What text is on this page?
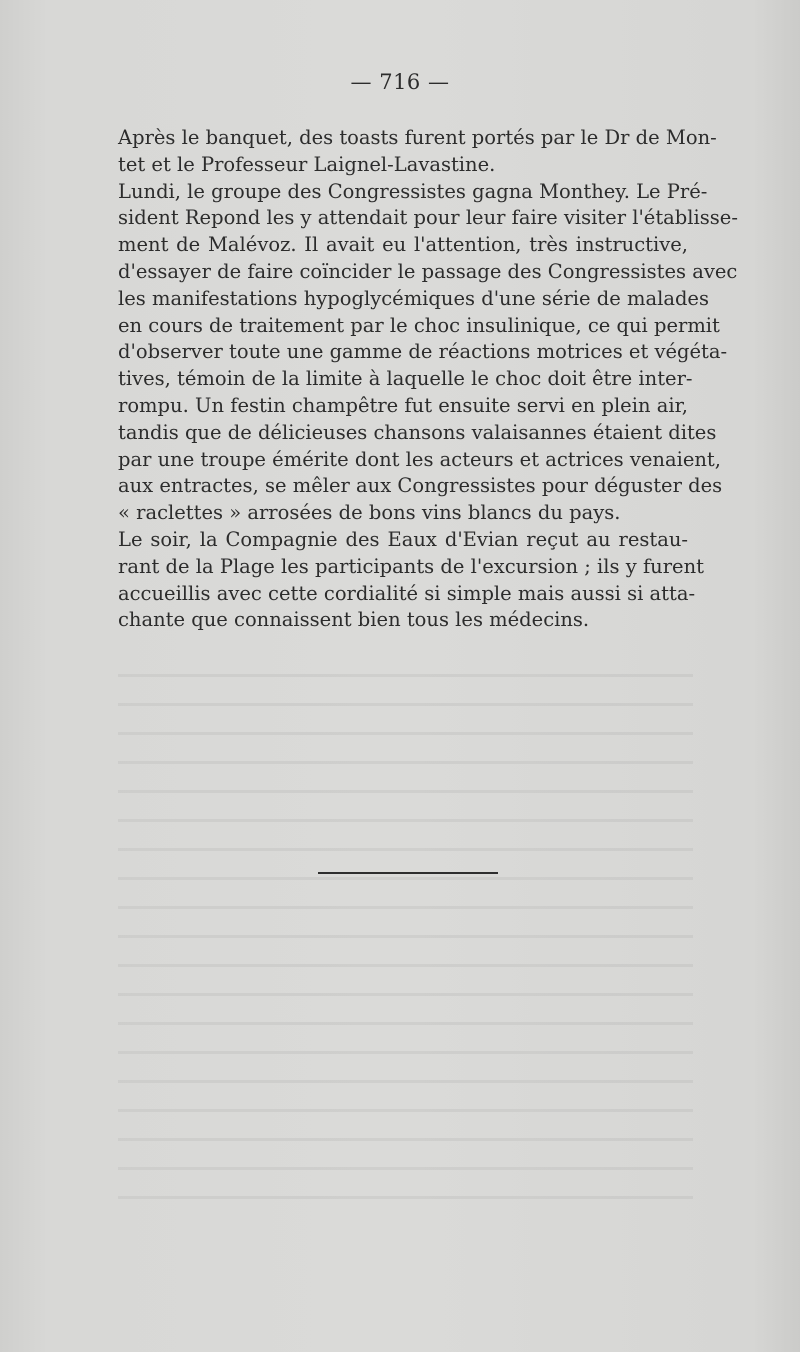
— 716 —
Après le banquet, des toasts furent portés par le Dr de Mon-
tet et le Professeur Laignel-Lavastine.
Lundi, le groupe des Congressistes gagna Monthey. Le Pré-
sident Repond les y attendait pour leur faire visiter l'établisse-
ment de Malévoz. Il avait eu l'attention, très instructive,
d'essayer de faire coïncider le passage des Congressistes avec
les manifestations hypoglycémiques d'une série de malades
en cours de traitement par le choc insulinique, ce qui permit
d'observer toute une gamme de réactions motrices et végéta-
tives, témoin de la limite à laquelle le choc doit être inter-
rompu. Un festin champêtre fut ensuite servi en plein air,
tandis que de délicieuses chansons valaisannes étaient dites
par une troupe émérite dont les acteurs et actrices venaient,
aux entractes, se mêler aux Congressistes pour déguster des
« raclettes » arrosées de bons vins blancs du pays.
Le soir, la Compagnie des Eaux d'Evian reçut au restau-
rant de la Plage les participants de l'excursion ; ils y furent
accueillis avec cette cordialité si simple mais aussi si atta-
chante que connaissent bien tous les médecins.
